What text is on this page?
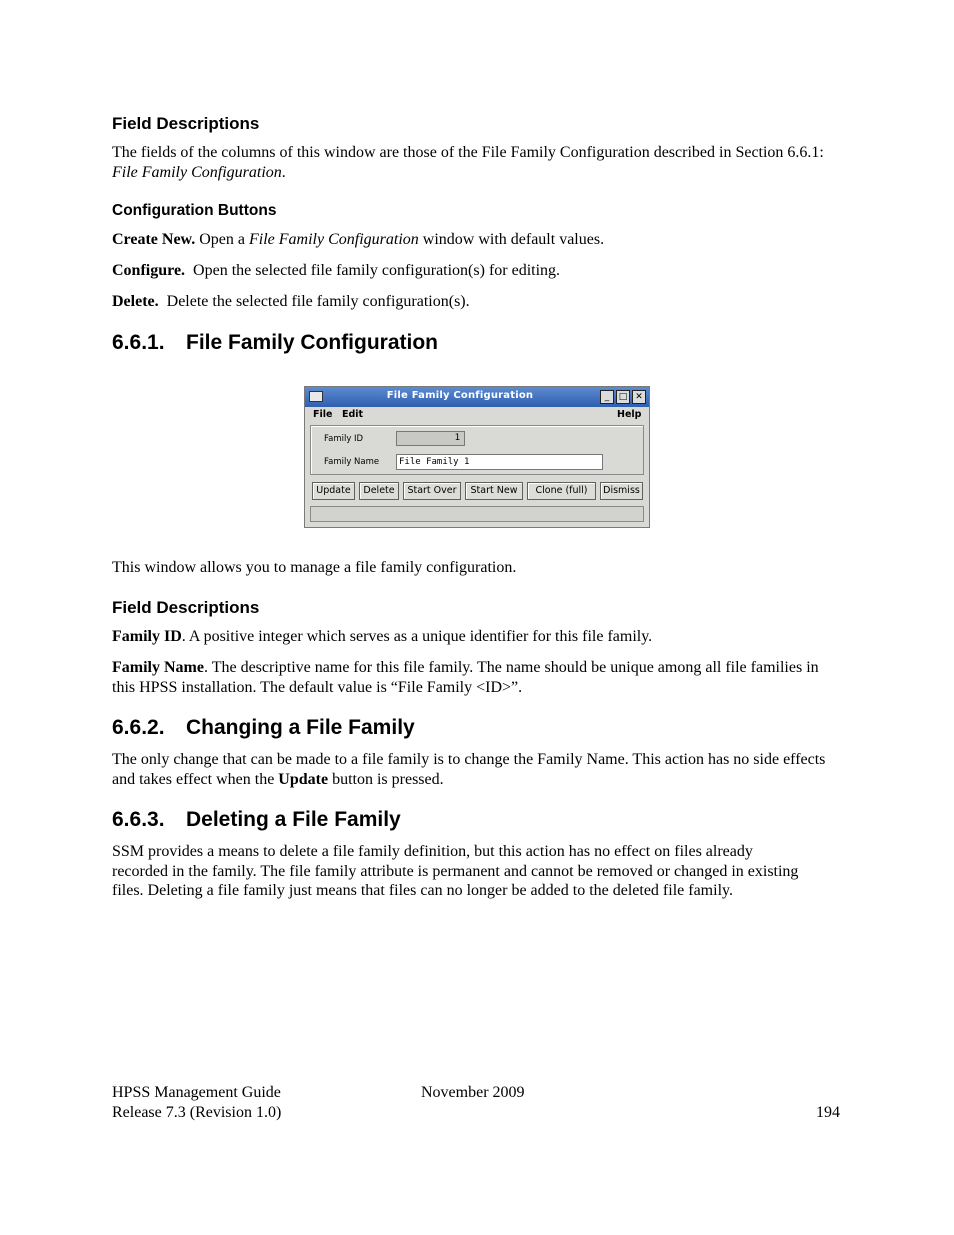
Field Descriptions
The fields of the columns of this window are those of the File Family Configuration described in Section 6.6.1: File Family Configuration.
Configuration Buttons
Create New. Open a File Family Configuration window with default values.
Configure.  Open the selected file family configuration(s) for editing.
Delete.  Delete the selected file family configuration(s).
6.6.1. File Family Configuration
File Family Configuration	_	□ ✕
File Edit	Help
Family ID	1
Family Name	File Family 1
Update	Delete	Start Over	Start New	Clone (full)	Dismiss
This window allows you to manage a file family configuration.
Field Descriptions
Family ID. A positive integer which serves as a unique identifier for this file family.
Family Name. The descriptive name for this file family. The name should be unique among all file families in this HPSS installation. The default value is “File Family <ID>”.
6.6.2. Changing a File Family
The only change that can be made to a file family is to change the Family Name. This action has no side effects and takes effect when the Update button is pressed.
6.6.3. Deleting a File Family
SSM provides a means to delete a file family definition, but this action has no effect on files already recorded in the family. The file family attribute is permanent and cannot be removed or changed in existing files. Deleting a file family just means that files can no longer be added to the deleted file family.
HPSS Management Guide
Release 7.3 (Revision 1.0)
November 2009
194
